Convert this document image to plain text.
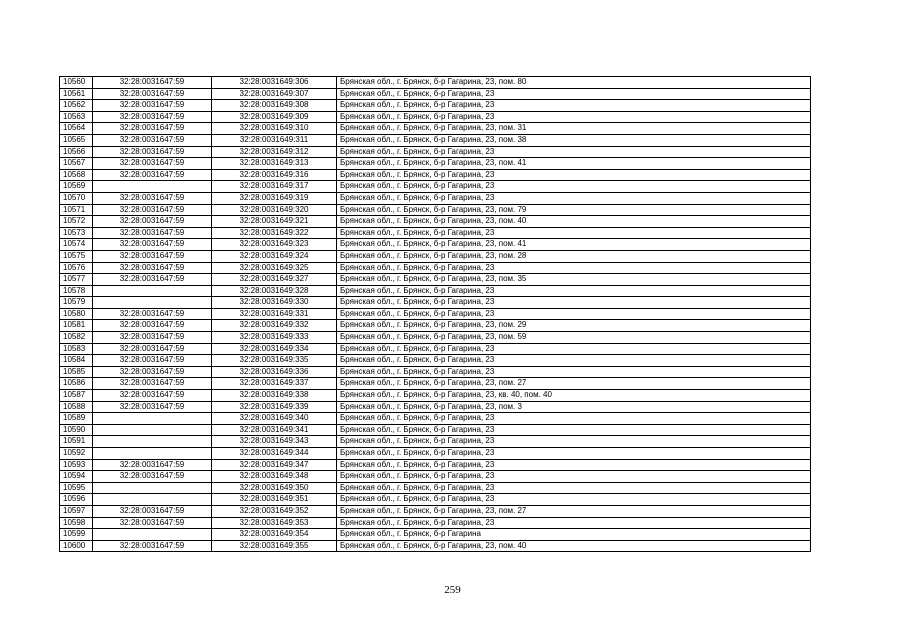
10560	32:28:0031647:59	32:28:0031649:306	Брянская обл., г. Брянск, б-р Гагарина, 23, пом. 80
10561	32:28:0031647:59	32:28:0031649:307	Брянская обл., г. Брянск, б-р Гагарина, 23
10562	32:28:0031647:59	32:28:0031649:308	Брянская обл., г. Брянск, б-р Гагарина, 23
10563	32:28:0031647:59	32:28:0031649:309	Брянская обл., г. Брянск, б-р Гагарина, 23
10564	32:28:0031647:59	32:28:0031649:310	Брянская обл., г. Брянск, б-р Гагарина, 23, пом. 31
10565	32:28:0031647:59	32:28:0031649:311	Брянская обл., г. Брянск, б-р Гагарина, 23, пом. 38
10566	32:28:0031647:59	32:28:0031649:312	Брянская обл., г. Брянск, б-р Гагарина, 23
10567	32:28:0031647:59	32:28:0031649:313	Брянская обл., г. Брянск, б-р Гагарина, 23, пом. 41
10568	32:28:0031647:59	32:28:0031649:316	Брянская обл., г. Брянск, б-р Гагарина, 23
10569		32:28:0031649:317	Брянская обл., г. Брянск, б-р Гагарина, 23
10570	32:28:0031647:59	32:28:0031649:319	Брянская обл., г. Брянск, б-р Гагарина, 23
10571	32:28:0031647:59	32:28:0031649:320	Брянская обл., г. Брянск, б-р Гагарина, 23, пом. 79
10572	32:28:0031647:59	32:28:0031649:321	Брянская обл., г. Брянск, б-р Гагарина, 23, пом. 40
10573	32:28:0031647:59	32:28:0031649:322	Брянская обл., г. Брянск, б-р Гагарина, 23
10574	32:28:0031647:59	32:28:0031649:323	Брянская обл., г. Брянск, б-р Гагарина, 23, пом. 41
10575	32:28:0031647:59	32:28:0031649:324	Брянская обл., г. Брянск, б-р Гагарина, 23, пом. 28
10576	32:28:0031647:59	32:28:0031649:325	Брянская обл., г. Брянск, б-р Гагарина, 23
10577	32:28:0031647:59	32:28:0031649:327	Брянская обл., г. Брянск, б-р Гагарина, 23, пом. 35
10578		32:28:0031649:328	Брянская обл., г. Брянск, б-р Гагарина, 23
10579		32:28:0031649:330	Брянская обл., г. Брянск, б-р Гагарина, 23
10580	32:28:0031647:59	32:28:0031649:331	Брянская обл., г. Брянск, б-р Гагарина, 23
10581	32:28:0031647:59	32:28:0031649:332	Брянская обл., г. Брянск, б-р Гагарина, 23, пом. 29
10582	32:28:0031647:59	32:28:0031649:333	Брянская обл., г. Брянск, б-р Гагарина, 23, пом. 59
10583	32:28:0031647:59	32:28:0031649:334	Брянская обл., г. Брянск, б-р Гагарина, 23
10584	32:28:0031647:59	32:28:0031649:335	Брянская обл., г. Брянск, б-р Гагарина, 23
10585	32:28:0031647:59	32:28:0031649:336	Брянская обл., г. Брянск, б-р Гагарина, 23
10586	32:28:0031647:59	32:28:0031649:337	Брянская обл., г. Брянск, б-р Гагарина, 23, пом. 27
10587	32:28:0031647:59	32:28:0031649:338	Брянская обл., г. Брянск, б-р Гагарина, 23, кв. 40, пом. 40
10588	32:28:0031647:59	32:28:0031649:339	Брянская обл., г. Брянск, б-р Гагарина, 23, пом. 3
10589		32:28:0031649:340	Брянская обл., г. Брянск, б-р Гагарина, 23
10590		32:28:0031649:341	Брянская обл., г. Брянск, б-р Гагарина, 23
10591		32:28:0031649:343	Брянская обл., г. Брянск, б-р Гагарина, 23
10592		32:28:0031649:344	Брянская обл., г. Брянск, б-р Гагарина, 23
10593	32:28:0031647:59	32:28:0031649:347	Брянская обл., г. Брянск, б-р Гагарина, 23
10594	32:28:0031647:59	32:28:0031649:348	Брянская обл., г. Брянск, б-р Гагарина, 23
10595		32:28:0031649:350	Брянская обл., г. Брянск, б-р Гагарина, 23
10596		32:28:0031649:351	Брянская обл., г. Брянск, б-р Гагарина, 23
10597	32:28:0031647:59	32:28:0031649:352	Брянская обл., г. Брянск, б-р Гагарина, 23, пом. 27
10598	32:28:0031647:59	32:28:0031649:353	Брянская обл., г. Брянск, б-р Гагарина, 23
10599		32:28:0031649:354	Брянская обл., г. Брянск, б-р Гагарина
10600	32:28:0031647:59	32:28:0031649:355	Брянская обл., г. Брянск, б-р Гагарина, 23, пом. 40
259
